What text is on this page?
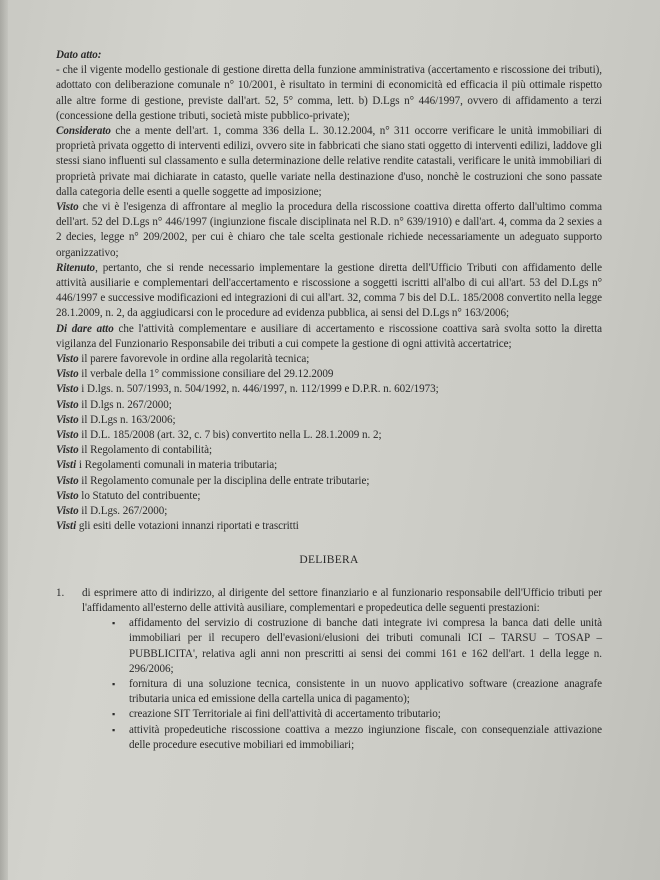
Dato atto:

- che il vigente modello gestionale di gestione diretta della funzione amministrativa (accertamento e riscossione dei tributi), adottato con deliberazione comunale n° 10/2001, è risultato in termini di economicità ed efficacia il più ottimale rispetto alle altre forme di gestione, previste dall'art. 52, 5° comma, lett. b) D.Lgs n° 446/1997, ovvero di affidamento a terzi (concessione della gestione tributi, società miste pubblico-private);

Considerato che a mente dell'art. 1, comma 336 della L. 30.12.2004, n° 311 occorre verificare le unità immobiliari di proprietà privata oggetto di interventi edilizi, ovvero site in fabbricati che siano stati oggetto di interventi edilizi, laddove gli stessi siano influenti sul classamento e sulla determinazione delle relative rendite catastali, verificare le unità immobiliari di proprietà private mai dichiarate in catasto, quelle variate nella destinazione d'uso, nonchè le costruzioni che sono passate dalla categoria delle esenti a quelle soggette ad imposizione;

Visto che vi è l'esigenza di affrontare al meglio la procedura della riscossione coattiva diretta offerto dall'ultimo comma dell'art. 52 del D.Lgs n° 446/1997 (ingiunzione fiscale disciplinata nel R.D. n° 639/1910) e dall'art. 4, comma da 2 sexies a 2 decies, legge n° 209/2002, per cui è chiaro che tale scelta gestionale richiede necessariamente un adeguato supporto organizzativo;

Ritenuto, pertanto, che si rende necessario implementare la gestione diretta dell'Ufficio Tributi con affidamento delle attività ausiliarie e complementari dell'accertamento e riscossione a soggetti iscritti all'albo di cui all'art. 53 del D.Lgs n° 446/1997 e successive modificazioni ed integrazioni di cui all'art. 32, comma 7 bis del D.L. 185/2008 convertito nella legge 28.1.2009, n. 2, da aggiudicarsi con le procedure ad evidenza pubblica, ai sensi del D.Lgs n° 163/2006;

Di dare atto che l'attività complementare e ausiliare di accertamento e riscossione coattiva sarà svolta sotto la diretta vigilanza del Funzionario Responsabile dei tributi a cui compete la gestione di ogni attività accertatrice;

Visto il parere favorevole in ordine alla regolarità tecnica;

Visto il verbale della 1° commissione consiliare del 29.12.2009

Visto i D.lgs. n. 507/1993, n. 504/1992, n. 446/1997, n. 112/1999 e D.P.R. n. 602/1973;

Visto il D.lgs n. 267/2000;

Visto il D.Lgs n. 163/2006;

Visto il D.L. 185/2008 (art. 32, c. 7 bis) convertito nella L. 28.1.2009 n. 2;

Visto il Regolamento di contabilità;

Visti i Regolamenti comunali in materia tributaria;

Visto il Regolamento comunale per la disciplina delle entrate tributarie;

Visto lo Statuto del contribuente;

Visto il D.Lgs. 267/2000;

Visti gli esiti delle votazioni innanzi riportati e trascritti

DELIBERA

1.	di esprimere atto di indirizzo, al dirigente del settore finanziario e al funzionario responsabile dell'Ufficio tributi per l'affidamento all'esterno delle attività ausiliare, complementari e propedeutica delle seguenti prestazioni:

▪ affidamento del servizio di costruzione di banche dati integrate ivi compresa la banca dati delle unità immobiliari per il recupero dell'evasioni/elusioni dei tributi comunali ICI – TARSU – TOSAP – PUBBLICITA', relativa agli anni non prescritti ai sensi dei commi 161 e 162 dell'art. 1 della legge n. 296/2006;
▪ fornitura di una soluzione tecnica, consistente in un nuovo applicativo software (creazione anagrafe tributaria unica ed emissione della cartella unica di pagamento);
▪ creazione SIT Territoriale ai fini dell'attività di accertamento tributario;
▪ attività propedeutiche riscossione coattiva a mezzo ingiunzione fiscale, con consequenziale attivazione delle procedure esecutive mobiliari ed immobiliari;
